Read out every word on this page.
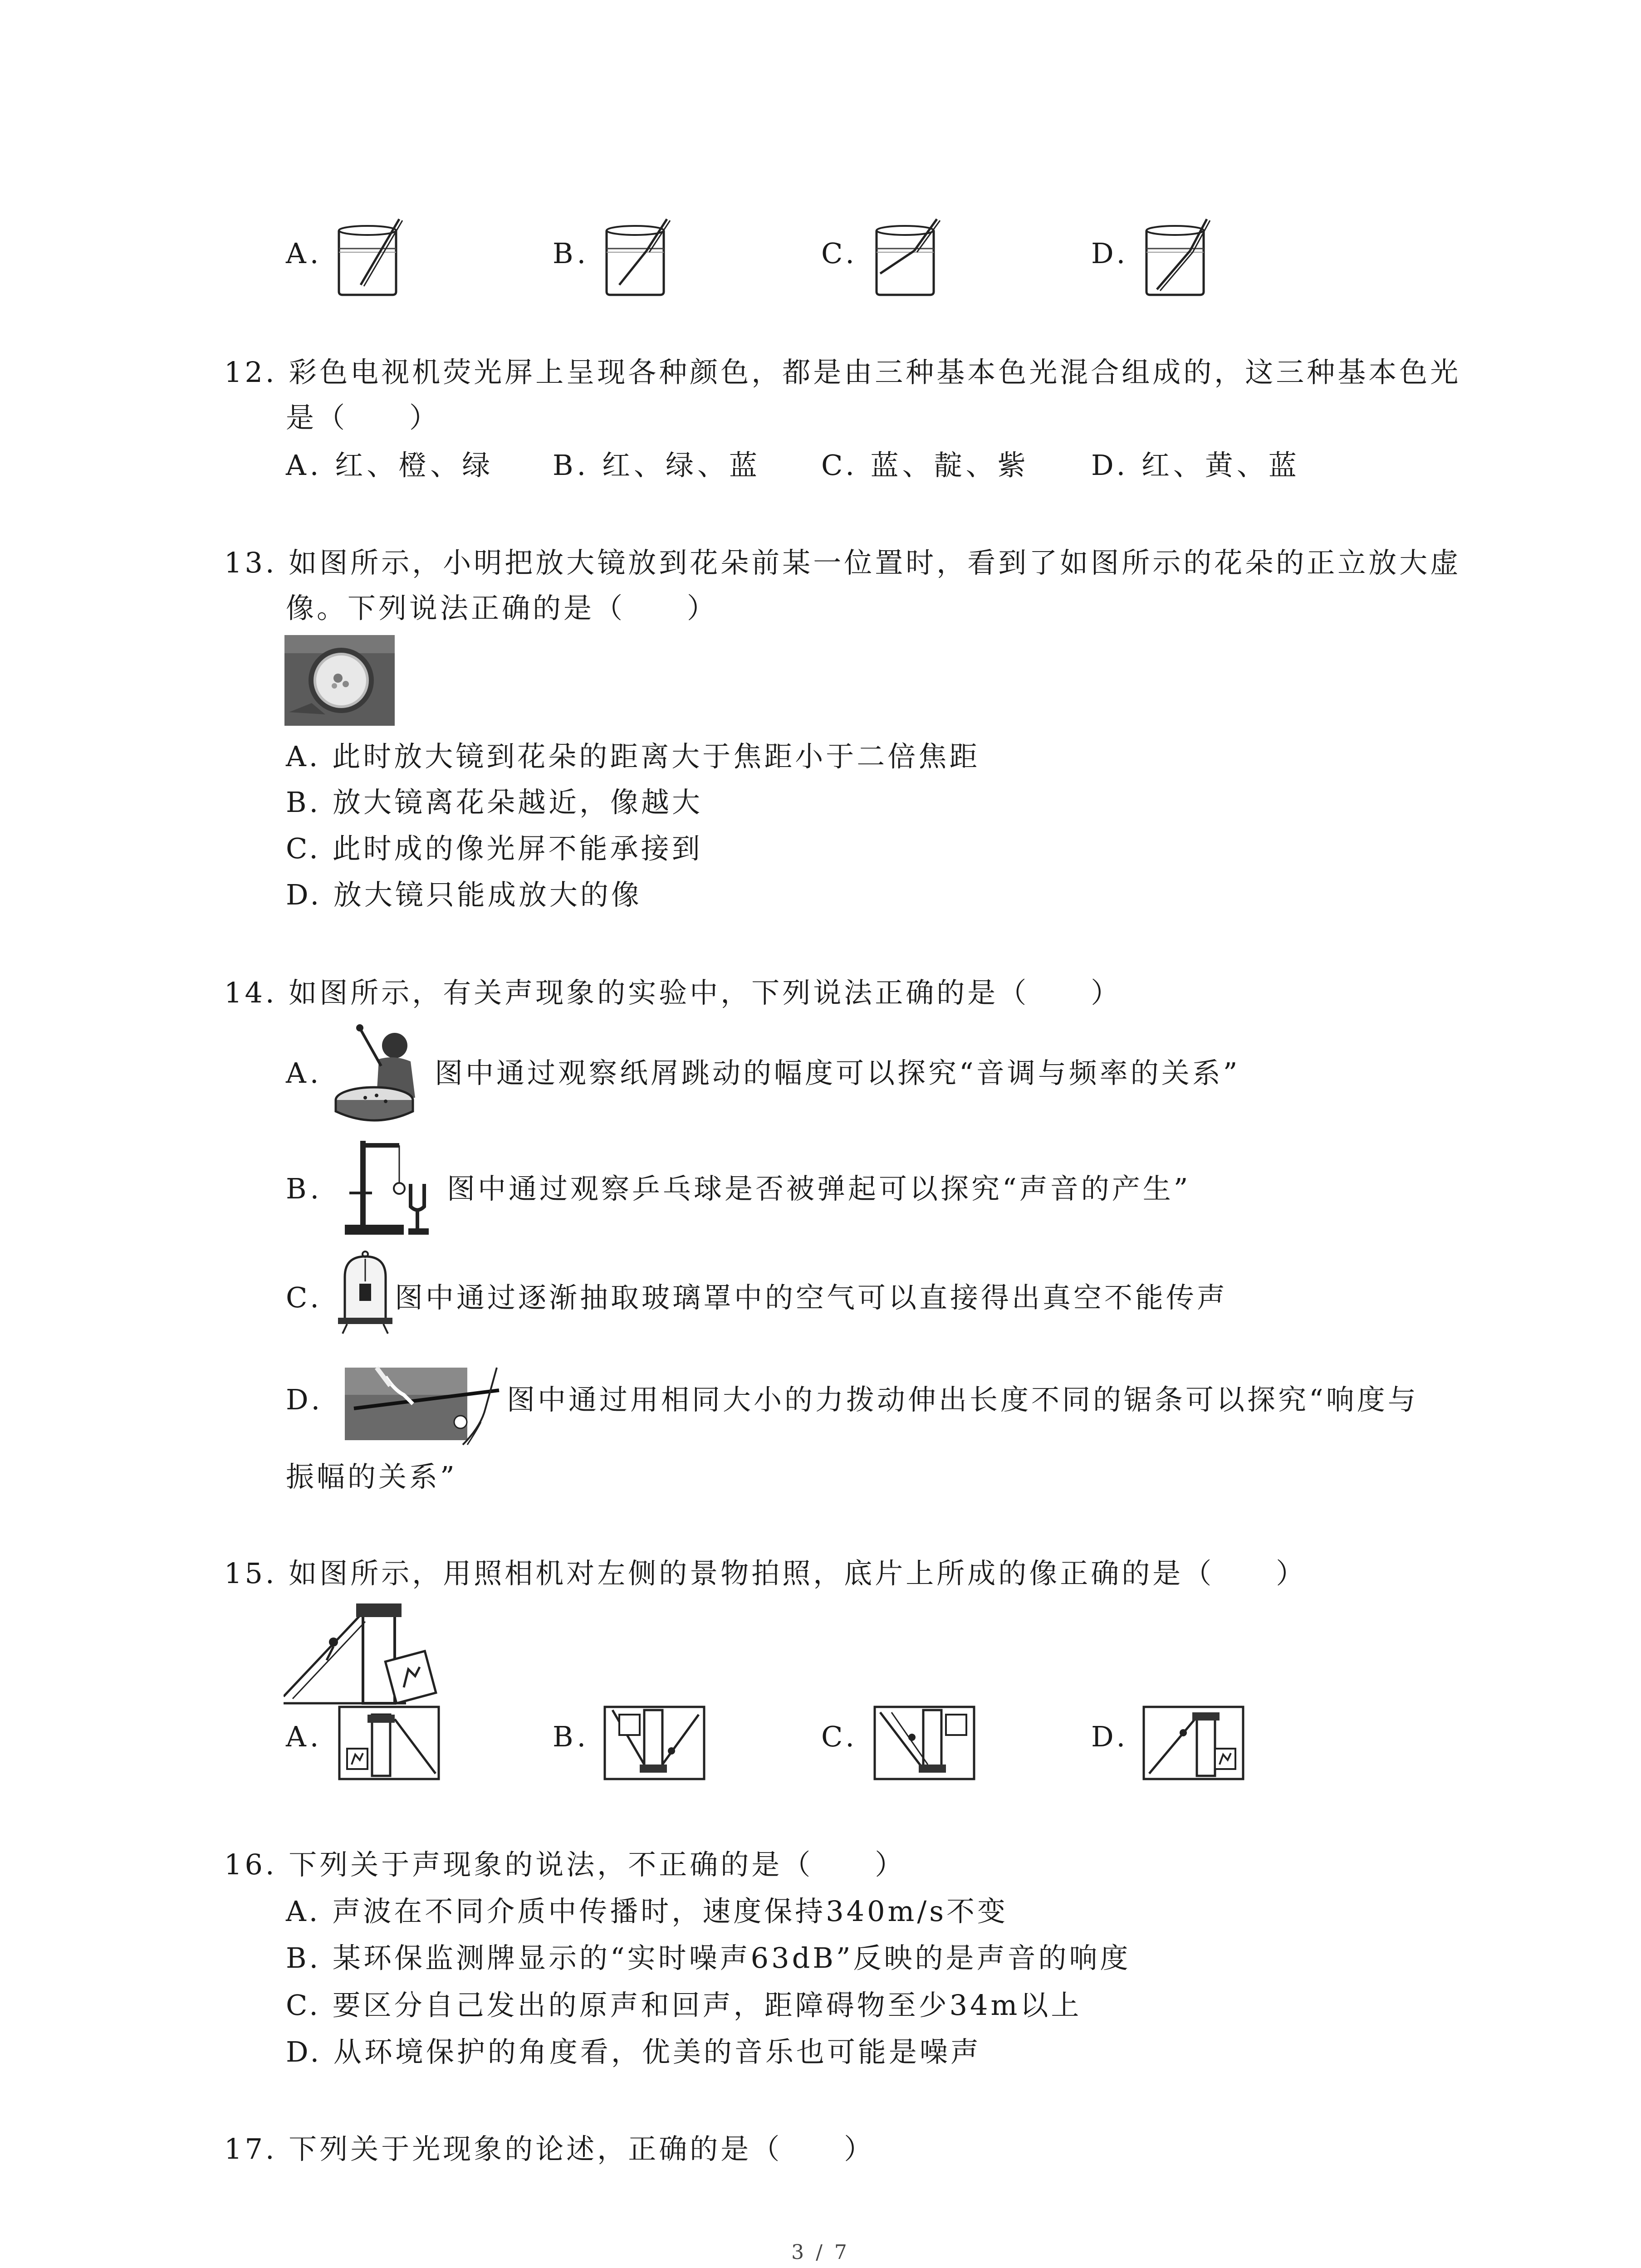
A.	B.	C.	D.
12. 彩色电视机荧光屏上呈现各种颜色，都是由三种基本色光混合组成的，这三种基本色光
是（　　）
A. 红、橙、绿 B. 红、绿、蓝 C. 蓝、靛、紫 D. 红、黄、蓝
13. 如图所示，小明把放大镜放到花朵前某一位置时，看到了如图所示的花朵的正立放大虚
像。下列说法正确的是（　　）
A. 此时放大镜到花朵的距离大于焦距小于二倍焦距
B. 放大镜离花朵越近，像越大
C. 此时成的像光屏不能承接到
D. 放大镜只能成放大的像
14. 如图所示，有关声现象的实验中，下列说法正确的是（　　）
A.	图中通过观察纸屑跳动的幅度可以探究“音调与频率的关系”
B.	图中通过观察乒乓球是否被弹起可以探究“声音的产生”
C.	图中通过逐渐抽取玻璃罩中的空气可以直接得出真空不能传声
D.	图中通过用相同大小的力拨动伸出长度不同的锯条可以探究“响度与
振幅的关系”
15. 如图所示，用照相机对左侧的景物拍照，底片上所成的像正确的是（　　）
A.	B.	C.	D.
16. 下列关于声现象的说法，不正确的是（　　）
A. 声波在不同介质中传播时，速度保持340m/s不变
B. 某环保监测牌显示的“实时噪声63dB”反映的是声音的响度
C. 要区分自己发出的原声和回声，距障碍物至少34m以上
D. 从环境保护的角度看，优美的音乐也可能是噪声
17. 下列关于光现象的论述，正确的是（　　）
3 / 7
